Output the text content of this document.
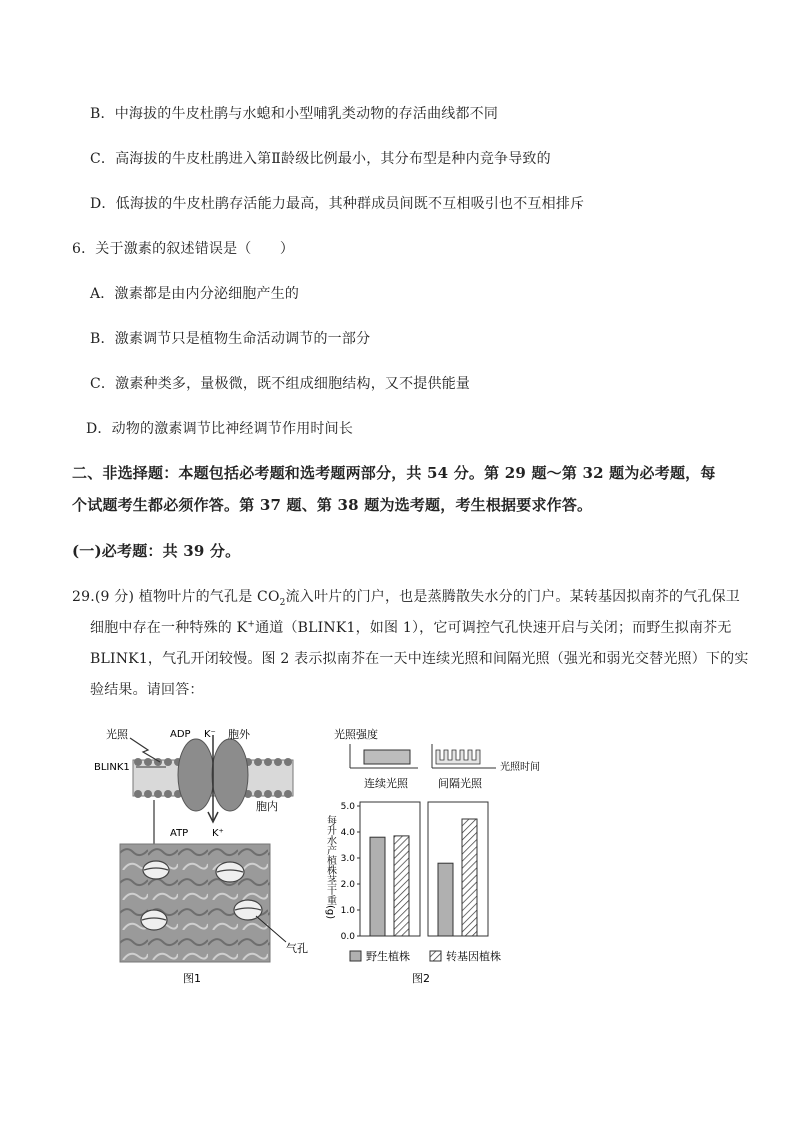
B．中海拔的牛皮杜鹃与水螅和小型哺乳类动物的存活曲线都不同
C．高海拔的牛皮杜鹃进入第Ⅱ龄级比例最小，其分布型是种内竞争导致的
D．低海拔的牛皮杜鹃存活能力最高，其种群成员间既不互相吸引也不互相排斥
6．关于激素的叙述错误是（　　）
A．激素都是由内分泌细胞产生的
B．激素调节只是植物生命活动调节的一部分
C．激素种类多，量极微，既不组成细胞结构，又不提供能量
D．动物的激素调节比神经调节作用时间长
二、非选择题：本题包括必考题和选考题两部分，共 54 分。第 29 题～第 32 题为必考题，每
个试题考生都必须作答。第 37 题、第 38 题为选考题，考生根据要求作答。
(一)必考题：共 39 分。
29.(9 分) 植物叶片的气孔是 $CO_2$流入叶片的门户，也是蒸腾散失水分的门户。某转基因拟南芥的气孔保卫
细胞中存在一种特殊的 K+通道（BLINK1，如图 1），它可调控气孔快速开启与关闭；而野生拟南芥无
BLINK1，气孔开闭较慢。图 2 表示拟南芥在一天中连续光照和间隔光照（强光和弱光交替光照）下的实
验结果。请回答：
光照	ADP K⁻ 胞外
BLINK1
胞内
ATP K⁺
气孔
图1
光照强度
光照时间
连续光照	间隔光照
每升水产植株茎干重(g)
0.0
1.0
2.0
3.0
4.0
5.0
野生植株	转基因植株
图2
